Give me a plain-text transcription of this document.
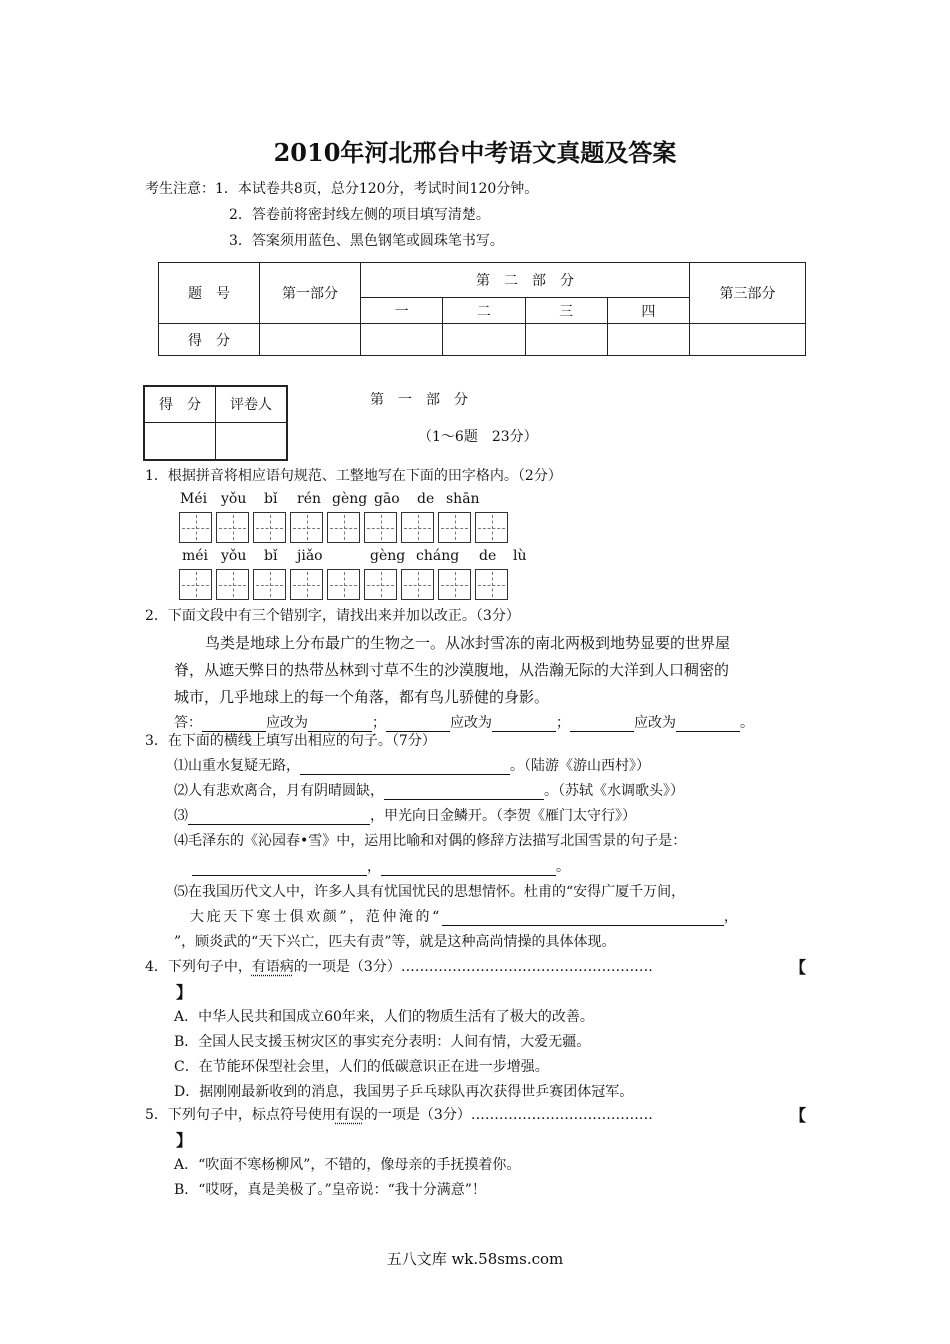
2010年河北邢台中考语文真题及答案
考生注意：1．本试卷共8页，总分120分，考试时间120分钟。
2．答卷前将密封线左侧的项目填写清楚。
3．答案须用蓝色、黑色钢笔或圆珠笔书写。
题　号	第一部分	第　二　部　分				第三部分
		一	二	三	四	
得　分						
得　分	评卷人
		第　一　部　分
（1～6题　23分）
1．根据拼音将相应语句规范、工整地写在下面的田字格内。（2分）
Méi yǒu bǐ rén gèng gāo de shān
méi yǒu bǐ jiǎo	gèng cháng de lù
2．下面文段中有三个错别字，请找出来并加以改正。（3分）
鸟类是地球上分布最广的生物之一。从冰封雪冻的南北两极到地势显要的世界屋
脊，从遮天弊日的热带丛林到寸草不生的沙漠腹地，从浩瀚无际的大洋到人口稠密的
城市，几乎地球上的每一个角落，都有鸟儿骄健的身影。
答：	应改为	；	应改为	；	应改为	。
3．在下面的横线上填写出相应的句子。（7分）
⑴山重水复疑无路，	。（陆游《游山西村》）
⑵人有悲欢离合，月有阴晴圆缺，	。（苏轼《水调歌头》）
⑶	，甲光向日金鳞开。（李贺《雁门太守行》）
⑷毛泽东的《沁园春•雪》中，运用比喻和对偶的修辞方法描写北国雪景的句子是：
，	。
⑸在我国历代文人中，许多人具有忧国忧民的思想情怀。杜甫的“安得广厦千万间，
大庇天下寒士俱欢颜”，范仲淹的“	，
”，顾炎武的“天下兴亡，匹夫有责”等，就是这种高尚情操的具体体现。
4．下列句子中，有语病的一项是（3分）………………………………………………	【
】
A．中华人民共和国成立60年来，人们的物质生活有了极大的改善。
B．全国人民支援玉树灾区的事实充分表明：人间有情，大爱无疆。
C．在节能环保型社会里，人们的低碳意识正在进一步增强。
D．据刚刚最新收到的消息，我国男子乒乓球队再次获得世乒赛团体冠军。
5．下列句子中，标点符号使用有误的一项是（3分）…………………………………	【
】
A．“吹面不寒杨柳风”，不错的，像母亲的手抚摸着你。
B．“哎呀，真是美极了。”皇帝说：“我十分满意”！
五八文库 wk.58sms.com
